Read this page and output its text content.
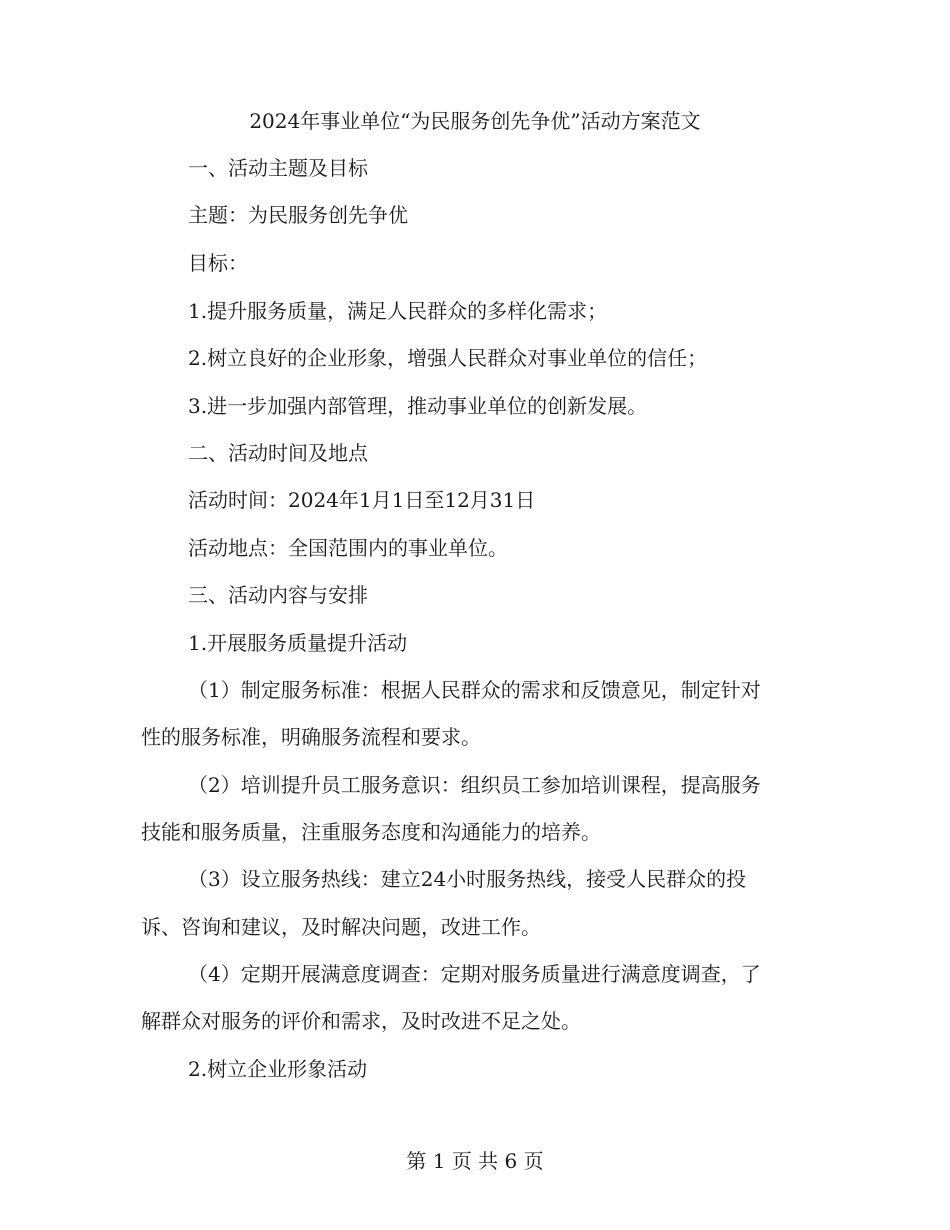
2024年事业单位“为民服务创先争优”活动方案范文
一、活动主题及目标
主题：为民服务创先争优
目标：
1.提升服务质量，满足人民群众的多样化需求；
2.树立良好的企业形象，增强人民群众对事业单位的信任；
3.进一步加强内部管理，推动事业单位的创新发展。
二、活动时间及地点
活动时间：2024年1月1日至12月31日
活动地点：全国范围内的事业单位。
三、活动内容与安排
1.开展服务质量提升活动
（1）制定服务标准：根据人民群众的需求和反馈意见，制定针对
性的服务标准，明确服务流程和要求。
（2）培训提升员工服务意识：组织员工参加培训课程，提高服务
技能和服务质量，注重服务态度和沟通能力的培养。
（3）设立服务热线：建立24小时服务热线，接受人民群众的投
诉、咨询和建议，及时解决问题，改进工作。
（4）定期开展满意度调查：定期对服务质量进行满意度调查，了
解群众对服务的评价和需求，及时改进不足之处。
2.树立企业形象活动
第 1 页 共 6 页
